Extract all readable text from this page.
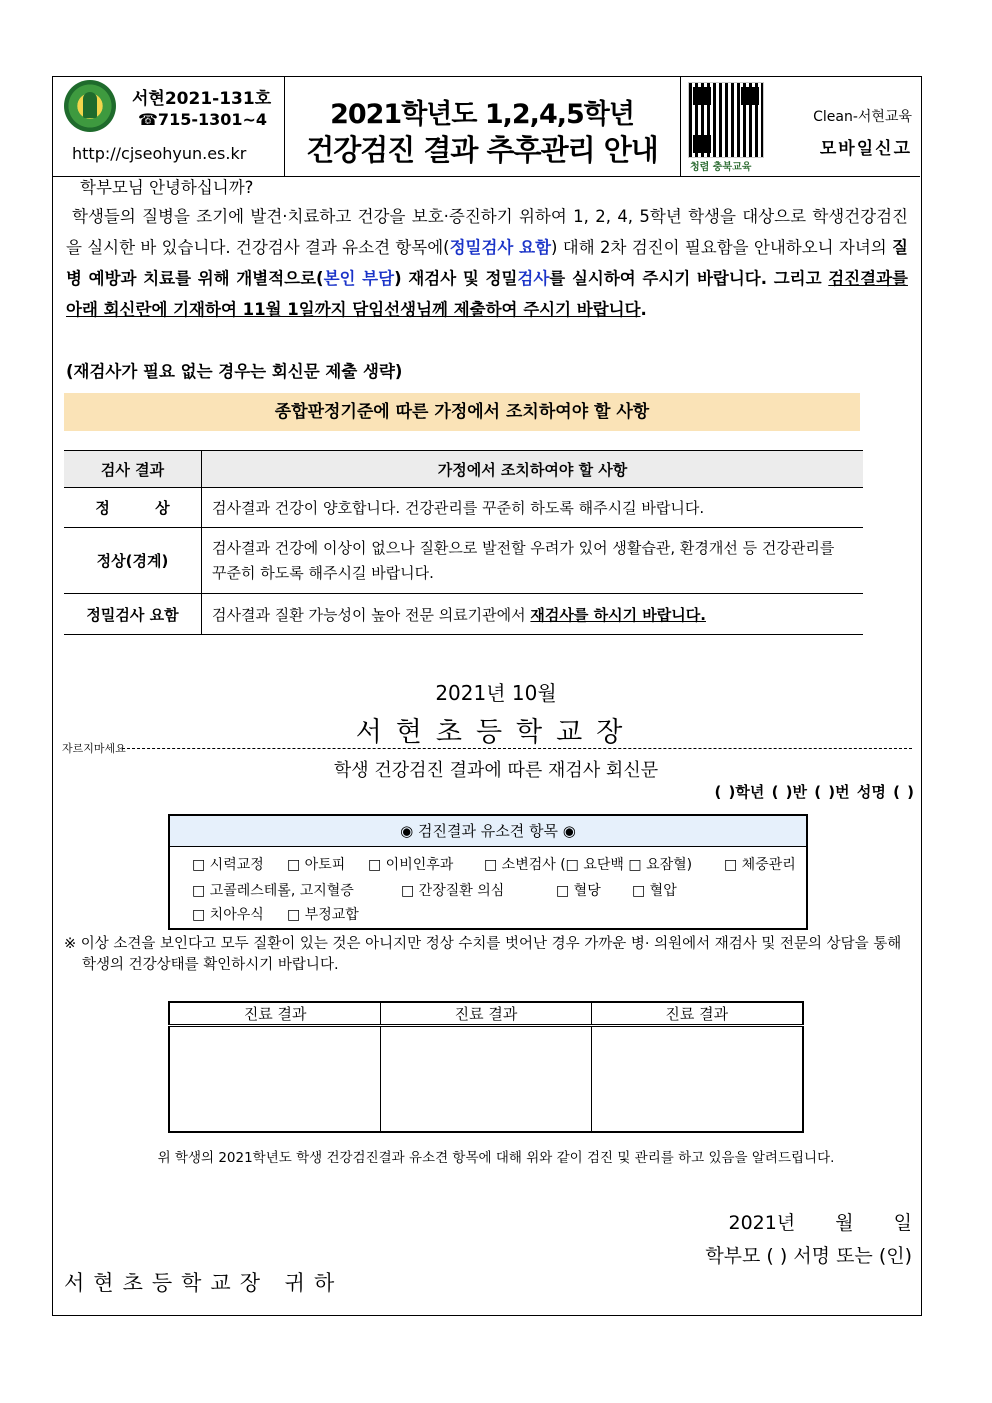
서현2021-131호
☎715-1301~4
http://cjseohyun.es.kr
2021학년도 1,2,4,5학년
건강검진 결과 추후관리 안내
청렴 충북교육
Clean-서현교육
모바일신고
학부모님 안녕하십니까?
학생들의 질병을 조기에 발견·치료하고 건강을 보호·증진하기 위하여 1, 2, 4, 5학년 학생을 대상으로 학생건강검진을 실시한 바 있습니다. 건강검사 결과 유소견 항목에(정밀검사 요함) 대해 2차 검진이 필요함을 안내하오니 자녀의 질병 예방과 치료를 위해 개별적으로(본인 부담) 재검사 및 정밀검사를 실시하여 주시기 바랍니다. 그리고 검진결과를 아래 회신란에 기재하여 11월 1일까지 담임선생님께 제출하여 주시기 바랍니다.
(재검사가 필요 없는 경우는 회신문 제출 생략)
종합판정기준에 따른 가정에서 조치하여야 할 사항
검사 결과	가정에서 조치하여야 할 사항
정 상	검사결과 건강이 양호합니다. 건강관리를 꾸준히 하도록 해주시길 바랍니다.
정상(경계)	검사결과 건강에 이상이 없으나 질환으로 발전할 우려가 있어 생활습관, 환경개선 등 건강관리를 꾸준히 하도록 해주시길 바랍니다.
정밀검사 요함	검사결과 질환 가능성이 높아 전문 의료기관에서 재검사를 하시기 바랍니다.
2021년 10월
서현초등학교장
자르지마세요
학생 건강검진 결과에 따른 재검사 회신문
( )학년 ( )반 ( )번 성명 ( )
◉ 검진결과 유소견 항목 ◉
□ 시력교정 □ 아토피 □ 이비인후과 □ 소변검사 (□ 요단백 □ 요잠혈) □ 체중관리
□ 고콜레스테롤, 고지혈증	□ 간장질환 의심	□ 혈당 □ 혈압
□ 치아우식 □ 부정교합
※ 이상 소견을 보인다고 모두 질환이 있는 것은 아니지만 정상 수치를 벗어난 경우 가까운 병· 의원에서 재검사 및 전문의 상담을 통해 학생의 건강상태를 확인하시기 바랍니다.
진료 결과	진료 결과	진료 결과

위 학생의 2021학년도 학생 건강검진결과 유소견 항목에 대해 위와 같이 검진 및 관리를 하고 있음을 알려드립니다.
2021년 월 일
학부모 ( ) 서명 또는 (인)
서현초등학교장 귀하
